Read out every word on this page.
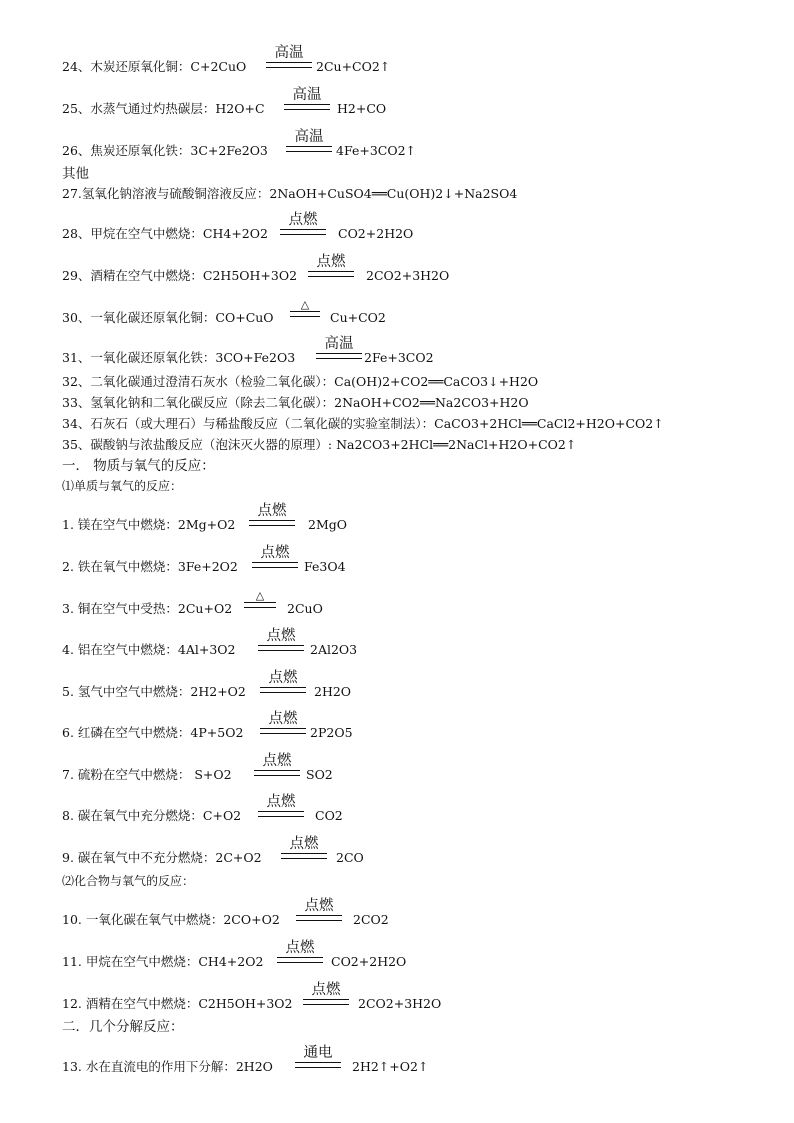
24、木炭还原氧化铜：C+2CuO
高温
2Cu+CO2↑
25、水蒸气通过灼热碳层：H2O+C
高温
H2+CO
26、焦炭还原氧化铁：3C+2Fe2O3
高温
4Fe+3CO2↑
其他
27.氢氧化钠溶液与硫酸铜溶液反应：2NaOH+CuSO4══Cu(OH)2↓+Na2SO4
28、甲烷在空气中燃烧：CH4+2O2
点燃
CO2+2H2O
29、酒精在空气中燃烧：C2H5OH+3O2
点燃
2CO2+3H2O
30、一氧化碳还原氧化铜：CO+CuO
△
Cu+CO2
31、一氧化碳还原氧化铁：3CO+Fe2O3
高温
2Fe+3CO2
32、二氧化碳通过澄清石灰水（检验二氧化碳）：Ca(OH)2+CO2══CaCO3↓+H2O
33、氢氧化钠和二氧化碳反应（除去二氧化碳）：2NaOH+CO2══Na2CO3+H2O
34、石灰石（或大理石）与稀盐酸反应（二氧化碳的实验室制法）：CaCO3+2HCl══CaCl2+H2O+CO2↑
35、碳酸钠与浓盐酸反应（泡沫灭火器的原理）: Na2CO3+2HCl══2NaCl+H2O+CO2↑
一． 物质与氧气的反应：
⑴单质与氧气的反应：
1. 镁在空气中燃烧：2Mg+O2
点燃
2MgO
2. 铁在氧气中燃烧：3Fe+2O2
点燃
Fe3O4
3. 铜在空气中受热：2Cu+O2
△
2CuO
4. 铝在空气中燃烧：4Al+3O2
点燃
2Al2O3
5. 氢气中空气中燃烧：2H2+O2
点燃
2H2O
6. 红磷在空气中燃烧：4P+5O2
点燃
2P2O5
7. 硫粉在空气中燃烧： S+O2
点燃
SO2
8. 碳在氧气中充分燃烧：C+O2
点燃
CO2
9. 碳在氧气中不充分燃烧：2C+O2
点燃
2CO
⑵化合物与氧气的反应：
10. 一氧化碳在氧气中燃烧：2CO+O2
点燃
2CO2
11. 甲烷在空气中燃烧：CH4+2O2
点燃
CO2+2H2O
12. 酒精在空气中燃烧：C2H5OH+3O2
点燃
2CO2+3H2O
二．几个分解反应：
13. 水在直流电的作用下分解：2H2O
通电
2H2↑+O2↑
